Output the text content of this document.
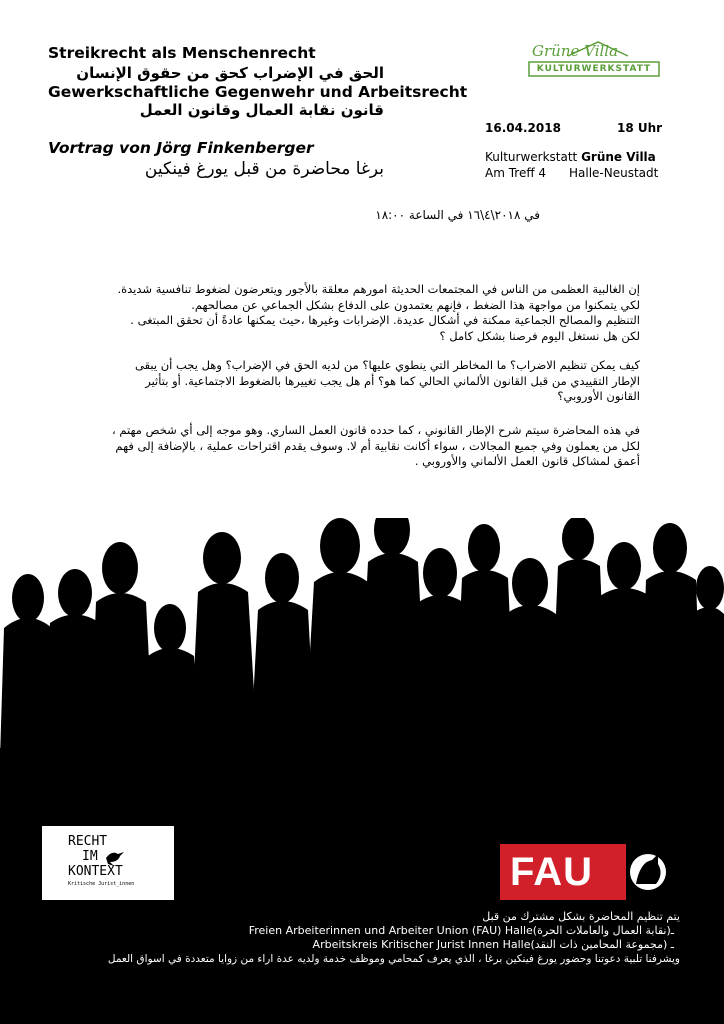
Streikrecht als Menschenrecht
الحق في الإضراب كحق من حقوق الإنسان
Gewerkschaftliche Gegenwehr und Arbeitsrecht
قانون نقابة العمال وقانون العمل
Vortrag von Jörg Finkenberger
برغا محاضرة من قبل يورغ فينكين
Grüne Villa
KULTURWERKSTATT
16.04.2018	18 Uhr
Kulturwerkstatt Grüne Villa
Am Treff 4 Halle-Neustadt
في ٢٠١٨\٤\١٦ في الساعة ١٨:٠٠

إن الغالبية العظمى من الناس في المجتمعات الحديثة امورهم معلقة بالأجور ويتعرضون لضغوط تنافسية شديدة.

لكي يتمكنوا من مواجهة هذا الضغط ، فإنهم يعتمدون على الدفاع بشكل الجماعي عن مصالحهم.

التنظيم والمصالح الجماعية ممكنة في أشكال عديدة. الإضرابات وغيرها ،حيث يمكنها عادةً أن تحقق المبتغى .

لكن هل نستغل اليوم فرصنا بشكل كامل ؟

كيف يمكن تنظيم الاضراب؟ ما المخاطر التي ينطوي عليها؟ من لديه الحق في الإضراب؟ وهل يجب أن يبقى

الإطار التقييدي من قبل القانون الألماني الحالي كما هو؟ أم هل يجب تغييرها بالضغوط الاجتماعية. أو بتأثير

القانون الأوروبي؟

في هذه المحاضرة سيتم شرح الإطار القانوني ، كما حدده قانون العمل الساري. وهو موجه إلى أي شخص مهتم ،

لكل من يعملون وفي جميع المجالات ، سواء أكانت نقابية أم لا. وسوف يقدم اقتراحات عملية ، بالإضافة إلى فهم

أعمق لمشاكل قانون العمل الألماني والأوروبي .

RECHT
IM
KONTEXT
Kritische Jurist_innen	FAU
يتم تنظيم المحاضرة بشكل مشترك من قبل
Freien Arbeiterinnen und Arbeiter Union (FAU) Halle(نقابة العمال والعاملات الحرة)ـ
Arbeitskreis Kritischer Jurist Innen Halle(مجموعة المحامين ذات النقد) ـ
ويشرفنا تلبية دعوتنا وحضور يورغ فينكين برغا ، الذي يعرف كمحامي وموظف خدمة ولديه عدة اراء من زوايا متعددة في اسواق العمل
